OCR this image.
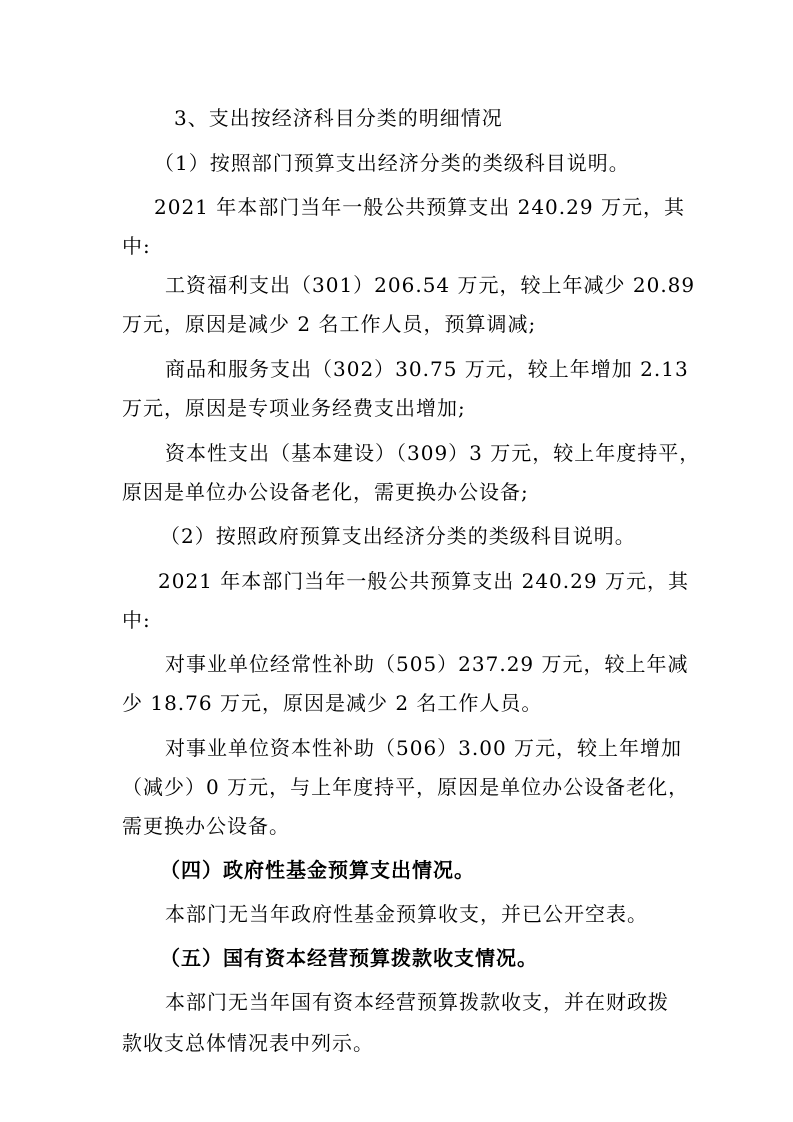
3、支出按经济科目分类的明细情况
（1）按照部门预算支出经济分类的类级科目说明。
2021 年本部门当年一般公共预算支出 240.29 万元，其
中:
工资福利支出（301）206.54 万元，较上年减少 20.89
万元，原因是减少 2 名工作人员，预算调减;
商品和服务支出（302）30.75 万元，较上年增加 2.13
万元，原因是专项业务经费支出增加;
资本性支出（基本建设）（309）3 万元，较上年度持平，
原因是单位办公设备老化，需更换办公设备;
（2）按照政府预算支出经济分类的类级科目说明。
2021 年本部门当年一般公共预算支出 240.29 万元，其
中:
对事业单位经常性补助（505）237.29 万元，较上年减
少 18.76 万元，原因是减少 2 名工作人员。
对事业单位资本性补助（506）3.00 万元，较上年增加
（减少）0 万元，与上年度持平，原因是单位办公设备老化，
需更换办公设备。
（四）政府性基金预算支出情况。
本部门无当年政府性基金预算收支，并已公开空表。
（五）国有资本经营预算拨款收支情况。
本部门无当年国有资本经营预算拨款收支，并在财政拨
款收支总体情况表中列示。
